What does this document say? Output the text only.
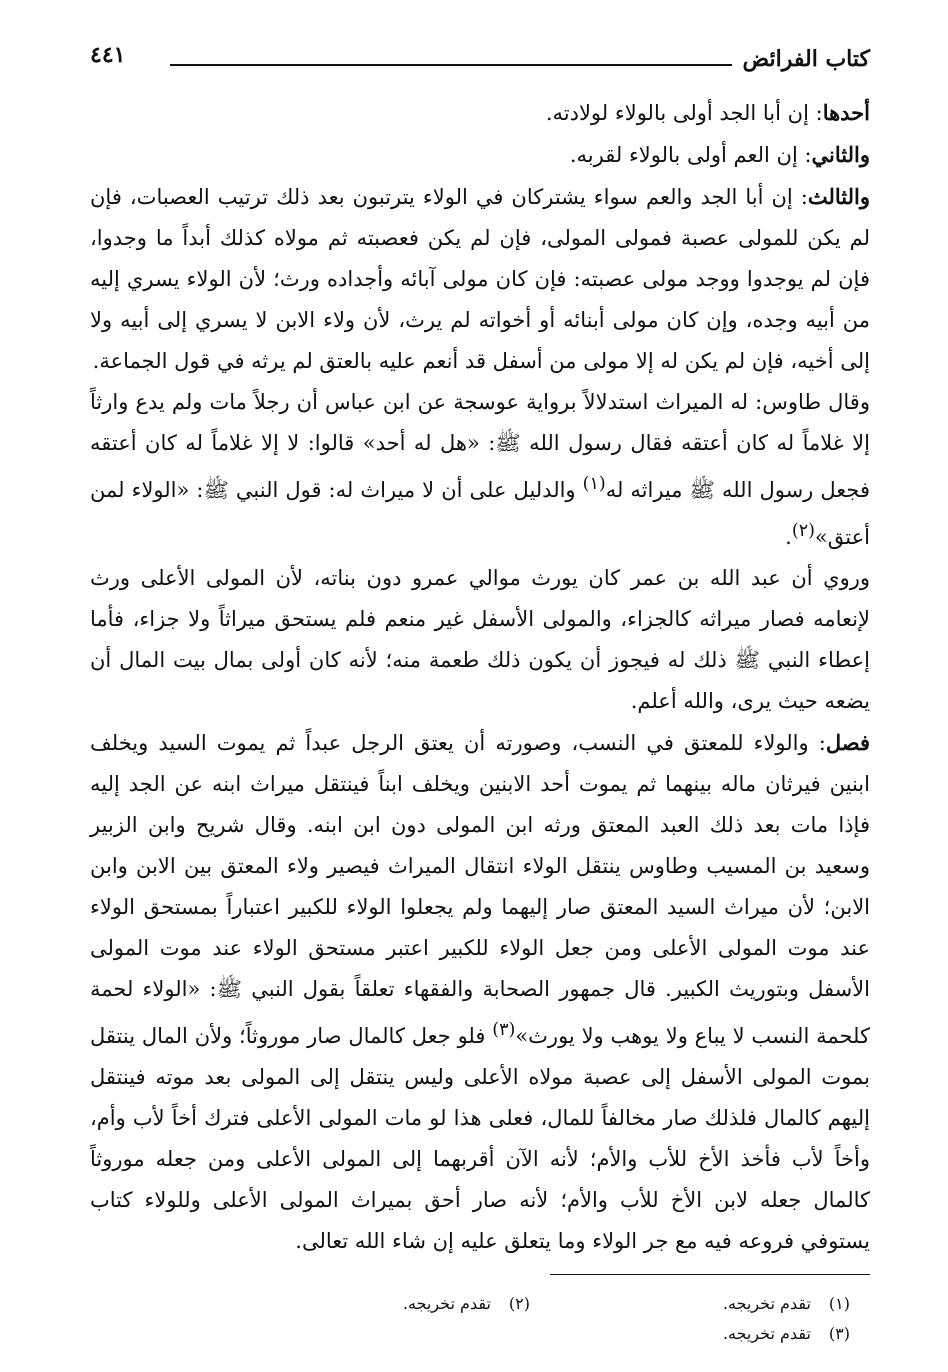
كتاب الفرائض
٤٤١

أحدها: إن أبا الجد أولى بالولاء لولادته.

والثاني: إن العم أولى بالولاء لقربه.

والثالث: إن أبا الجد والعم سواء يشتركان في الولاء يترتبون بعد ذلك ترتيب العصبات، فإن لم يكن للمولى عصبة فمولى المولى، فإن لم يكن فعصبته ثم مولاه كذلك أبداً ما وجدوا، فإن لم يوجدوا ووجد مولى عصبته: فإن كان مولى آبائه وأجداده ورث؛ لأن الولاء يسري إليه من أبيه وجده، وإن كان مولى أبنائه أو أخواته لم يرث، لأن ولاء الابن لا يسري إلى أبيه ولا إلى أخيه، فإن لم يكن له إلا مولى من أسفل قد أنعم عليه بالعتق لم يرثه في قول الجماعة.

وقال طاوس: له الميراث استدلالاً برواية عوسجة عن ابن عباس أن رجلاً مات ولم يدع وارثاً إلا غلاماً له كان أعتقه فقال رسول الله ﷺ: «هل له أحد» قالوا: لا إلا غلاماً له كان أعتقه فجعل رسول الله ﷺ ميراثه له$^{(١)}$ والدليل على أن لا ميراث له: قول النبي ﷺ: «الولاء لمن أعتق»$^{(٢)}$.

وروي أن عبد الله بن عمر كان يورث موالي عمرو دون بناته، لأن المولى الأعلى ورث لإنعامه فصار ميراثه كالجزاء، والمولى الأسفل غير منعم فلم يستحق ميراثاً ولا جزاء، فأما إعطاء النبي ﷺ ذلك له فيجوز أن يكون ذلك طعمة منه؛ لأنه كان أولى بمال بيت المال أن يضعه حيث يرى، والله أعلم.

فصل: والولاء للمعتق في النسب، وصورته أن يعتق الرجل عبداً ثم يموت السيد ويخلف ابنين فيرثان ماله بينهما ثم يموت أحد الابنين ويخلف ابناً فينتقل ميراث ابنه عن الجد إليه فإذا مات بعد ذلك العبد المعتق ورثه ابن المولى دون ابن ابنه. وقال شريح وابن الزبير وسعيد بن المسيب وطاوس ينتقل الولاء انتقال الميراث فيصير ولاء المعتق بين الابن وابن الابن؛ لأن ميراث السيد المعتق صار إليهما ولم يجعلوا الولاء للكبير اعتباراً بمستحق الولاء عند موت المولى الأعلى ومن جعل الولاء للكبير اعتبر مستحق الولاء عند موت المولى الأسفل وبتوريث الكبير. قال جمهور الصحابة والفقهاء تعلقاً بقول النبي ﷺ: «الولاء لحمة كلحمة النسب لا يباع ولا يوهب ولا يورث»$^{(٣)}$ فلو جعل كالمال صار موروثاً؛ ولأن المال ينتقل بموت المولى الأسفل إلى عصبة مولاه الأعلى وليس ينتقل إلى المولى بعد موته فينتقل إليهم كالمال فلذلك صار مخالفاً للمال، فعلى هذا لو مات المولى الأعلى فترك أخاً لأب وأم، وأخاً لأب فأخذ الأخ للأب والأم؛ لأنه الآن أقربهما إلى المولى الأعلى ومن جعله موروثاً كالمال جعله لابن الأخ للأب والأم؛ لأنه صار أحق بميراث المولى الأعلى وللولاء كتاب يستوفي فروعه فيه مع جر الولاء وما يتعلق عليه إن شاء الله تعالى.

(١)تقدم تخريجه.
(٢)تقدم تخريجه.
(٣)تقدم تخريجه.
